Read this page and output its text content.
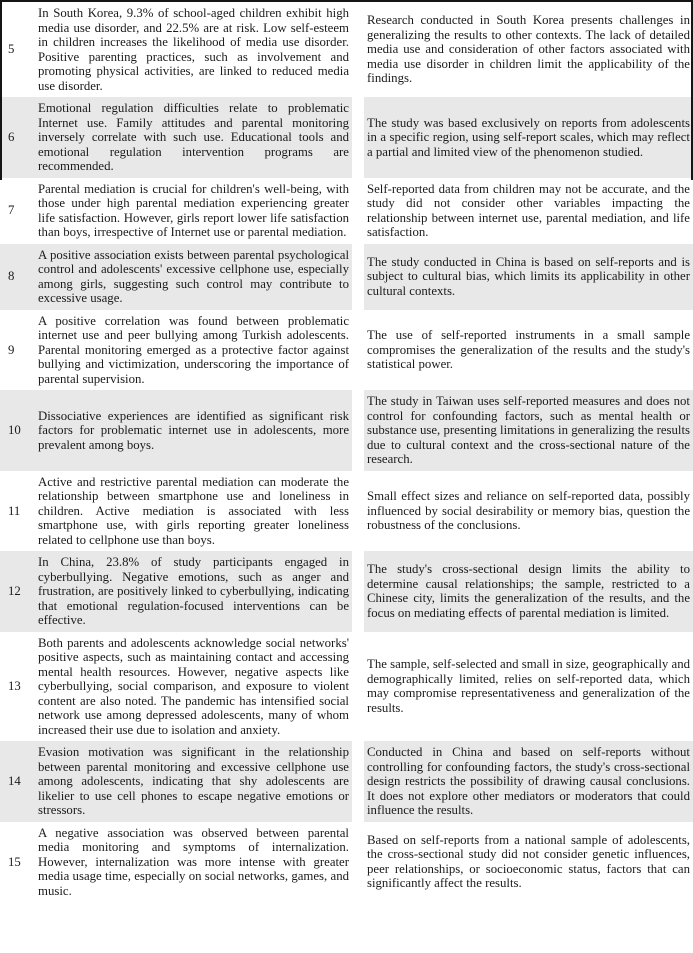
5

In South Korea, 9.3% of school-aged children exhibit high media use disorder, and 22.5% are at risk. Low self-esteem in children increases the likelihood of media use disorder. Positive parenting practices, such as involvement and promoting physical activities, are linked to reduced media use disorder.

Research conducted in South Korea presents challenges in generalizing the results to other contexts. The lack of detailed media use and consideration of other factors associated with media use disorder in children limit the applicability of the findings.

6

Emotional regulation difficulties relate to problematic Internet use. Family attitudes and parental monitoring inversely correlate with such use. Educational tools and emotional regulation intervention programs are recommended.

The study was based exclusively on reports from adolescents in a specific region, using self-report scales, which may reflect a partial and limited view of the phenomenon studied.

7

Parental mediation is crucial for children's well-being, with those under high parental mediation experiencing greater life satisfaction. However, girls report lower life satisfaction than boys, irrespective of Internet use or parental mediation.

Self-reported data from children may not be accurate, and the study did not consider other variables impacting the relationship between internet use, parental mediation, and life satisfaction.

8

A positive association exists between parental psychological control and adolescents' excessive cellphone use, especially among girls, suggesting such control may contribute to excessive usage.

The study conducted in China is based on self-reports and is subject to cultural bias, which limits its applicability in other cultural contexts.

9

A positive correlation was found between problematic internet use and peer bullying among Turkish adolescents. Parental monitoring emerged as a protective factor against bullying and victimization, underscoring the importance of parental supervision.

The use of self-reported instruments in a small sample compromises the generalization of the results and the study's statistical power.

10

Dissociative experiences are identified as significant risk factors for problematic internet use in adolescents, more prevalent among boys.

The study in Taiwan uses self-reported measures and does not control for confounding factors, such as mental health or substance use, presenting limitations in generalizing the results due to cultural context and the cross-sectional nature of the research.

11

Active and restrictive parental mediation can moderate the relationship between smartphone use and loneliness in children. Active mediation is associated with less smartphone use, with girls reporting greater loneliness related to cellphone use than boys.

Small effect sizes and reliance on self-reported data, possibly influenced by social desirability or memory bias, question the robustness of the conclusions.

12

In China, 23.8% of study participants engaged in cyberbullying. Negative emotions, such as anger and frustration, are positively linked to cyberbullying, indicating that emotional regulation-focused interventions can be effective.

The study's cross-sectional design limits the ability to determine causal relationships; the sample, restricted to a Chinese city, limits the generalization of the results, and the focus on mediating effects of parental mediation is limited.

13

Both parents and adolescents acknowledge social networks' positive aspects, such as maintaining contact and accessing mental health resources. However, negative aspects like cyberbullying, social comparison, and exposure to violent content are also noted. The pandemic has intensified social network use among depressed adolescents, many of whom increased their use due to isolation and anxiety.

The sample, self-selected and small in size, geographically and demographically limited, relies on self-reported data, which may compromise representativeness and generalization of the results.

14

Evasion motivation was significant in the relationship between parental monitoring and excessive cellphone use among adolescents, indicating that shy adolescents are likelier to use cell phones to escape negative emotions or stressors.

Conducted in China and based on self-reports without controlling for confounding factors, the study's cross-sectional design restricts the possibility of drawing causal conclusions. It does not explore other mediators or moderators that could influence the results.

15

A negative association was observed between parental media monitoring and symptoms of internalization. However, internalization was more intense with greater media usage time, especially on social networks, games, and music.

Based on self-reports from a national sample of adolescents, the cross-sectional study did not consider genetic influences, peer relationships, or socioeconomic status, factors that can significantly affect the results.
